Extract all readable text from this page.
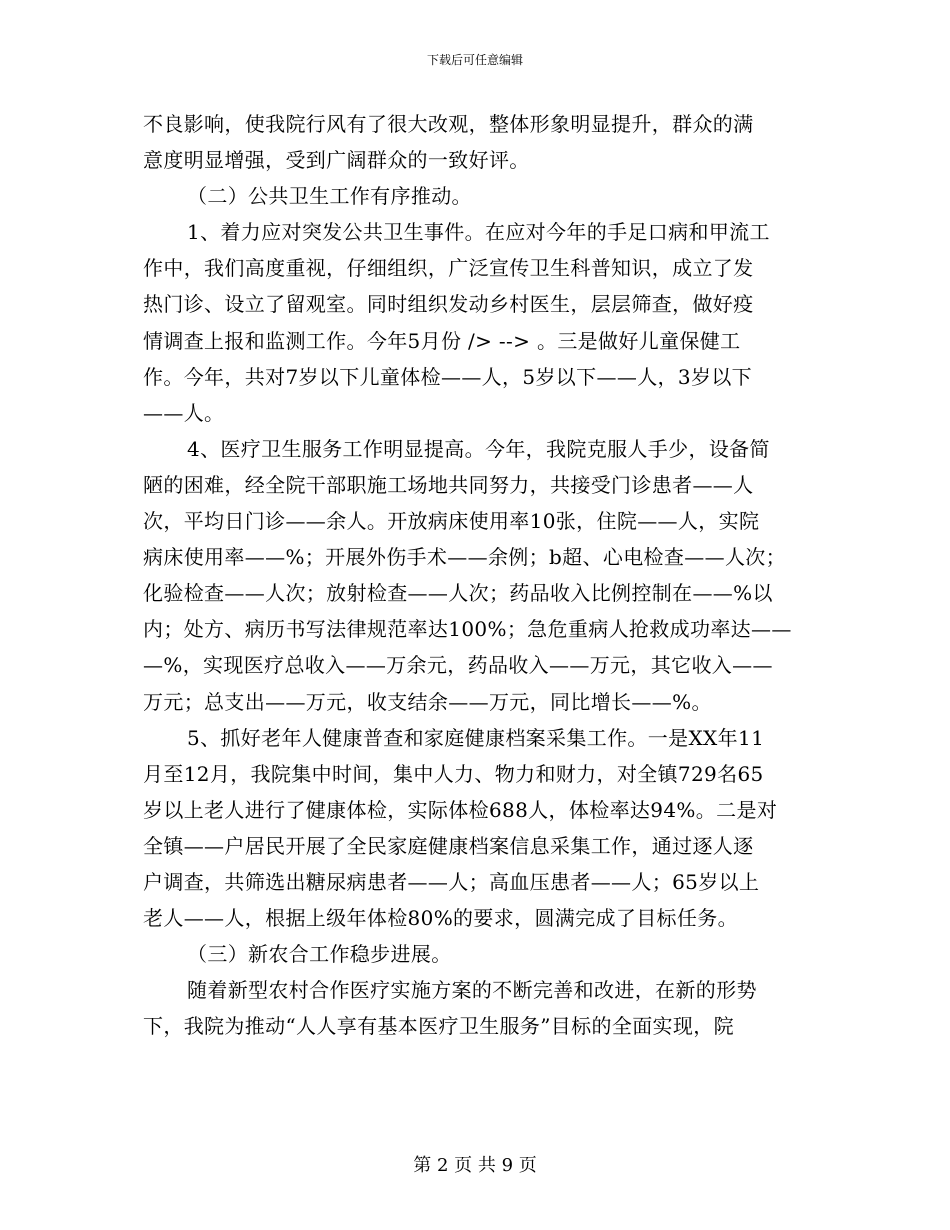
下载后可任意编辑
不良影响，使我院行风有了很大改观，整体形象明显提升，群众的满
意度明显增强，受到广阔群众的一致好评。
（二）公共卫生工作有序推动。
1、着力应对突发公共卫生事件。在应对今年的手足口病和甲流工
作中，我们高度重视，仔细组织，广泛宣传卫生科普知识，成立了发
热门诊、设立了留观室。同时组织发动乡村医生，层层筛查，做好疫
情调查上报和监测工作。今年5月份 /> --> 。三是做好儿童保健工
作。今年，共对7岁以下儿童体检——人，5岁以下——人，3岁以下
——人。
4、医疗卫生服务工作明显提高。今年，我院克服人手少，设备简
陋的困难，经全院干部职施工场地共同努力，共接受门诊患者——人
次，平均日门诊——余人。开放病床使用率10张，住院——人，实院
病床使用率——%；开展外伤手术——余例；b超、心电检查——人次；
化验检查——人次；放射检查——人次；药品收入比例控制在——%以
内；处方、病历书写法律规范率达100%；急危重病人抢救成功率达——
—%，实现医疗总收入——万余元，药品收入——万元，其它收入——
万元；总支出——万元，收支结余——万元，同比增长——%。
5、抓好老年人健康普查和家庭健康档案采集工作。一是XX年11
月至12月，我院集中时间，集中人力、物力和财力，对全镇729名65
岁以上老人进行了健康体检，实际体检688人，体检率达94%。二是对
全镇——户居民开展了全民家庭健康档案信息采集工作，通过逐人逐
户调查，共筛选出糖尿病患者——人；高血压患者——人；65岁以上
老人——人，根据上级年体检80%的要求，圆满完成了目标任务。
（三）新农合工作稳步进展。
随着新型农村合作医疗实施方案的不断完善和改进，在新的形势
下，我院为推动“人人享有基本医疗卫生服务”目标的全面实现，院
第 2 页 共 9 页
